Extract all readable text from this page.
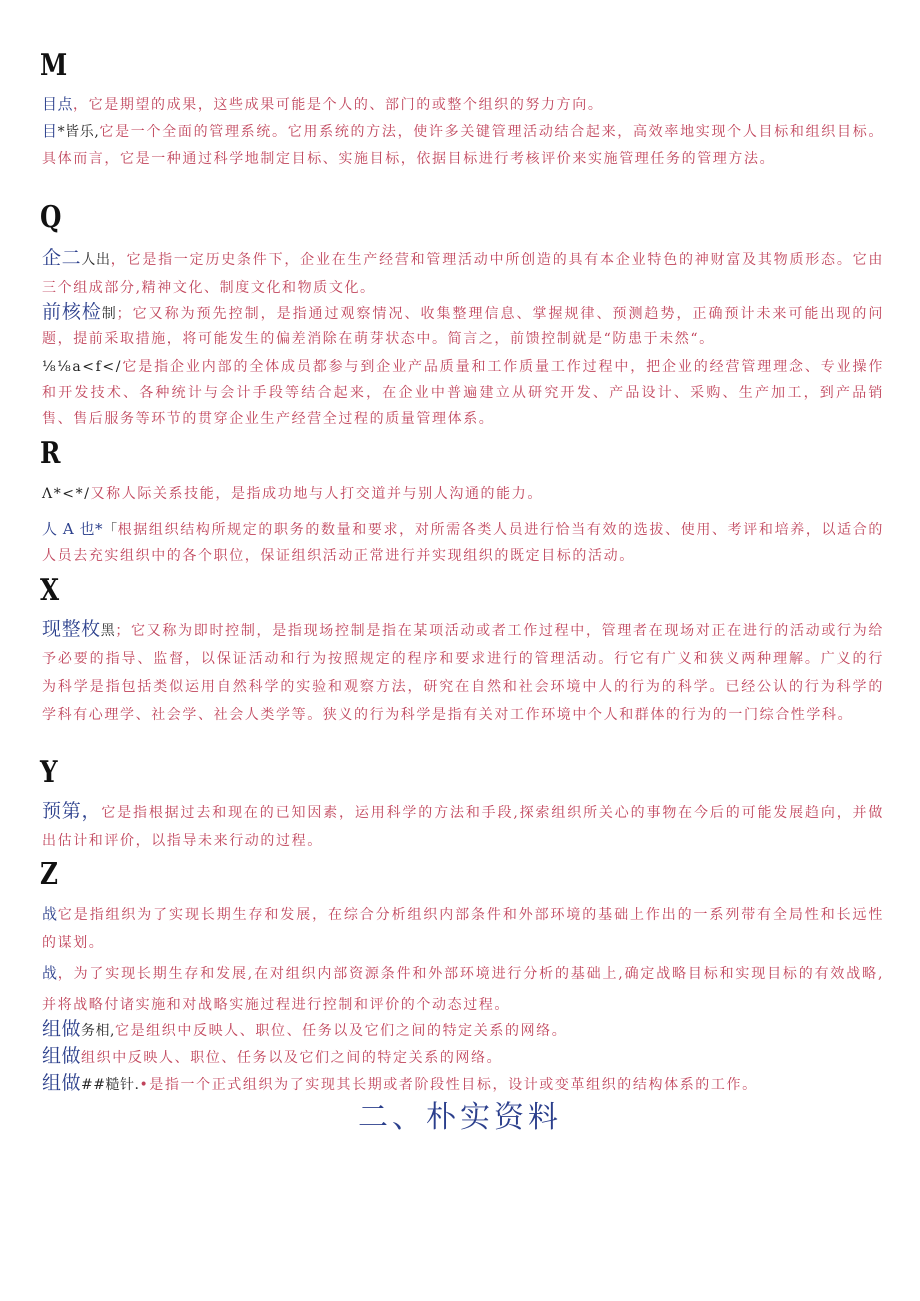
M
目点，它是期望的成果，这些成果可能是个人的、部门的或整个组织的努力方向。
目*皆乐,它是一个全面的管理系统。它用系统的方法，使许多关键管理活动结合起来，高效率地实现个人目标和组织目标。具体而言，它是一种通过科学地制定目标、实施目标，依据目标进行考核评价来实施管理任务的管理方法。
Q
企二人出，它是指一定历史条件下，企业在生产经营和管理活动中所创造的具有本企业特色的神财富及其物质形态。它由三个组成部分,精神文化、制度文化和物质文化。
前核检制；它又称为预先控制，是指通过观察情况、收集整理信息、掌握规律、预测趋势，正确预计未来可能出现的问题，提前采取措施，将可能发生的偏差消除在萌芽状态中。简言之，前馈控制就是“防患于未然“。
⅛⅛a<f</它是指企业内部的全体成员都参与到企业产品质量和工作质量工作过程中，把企业的经营管理理念、专业操作和开发技术、各种统计与会计手段等结合起来，在企业中普遍建立从研究开发、产品设计、采购、生产加工，到产品销售、售后服务等环节的贯穿企业生产经营全过程的质量管理体系。
R
Λ*<*/又称人际关系技能，是指成功地与人打交道并与别人沟通的能力。
人 A 也*「根据组织结构所规定的职务的数量和要求，对所需各类人员进行恰当有效的选拔、使用、考评和培养，以适合的人员去充实组织中的各个职位，保证组织活动正常进行并实现组织的既定目标的活动。
X
现整枚黑；它又称为即时控制，是指现场控制是指在某项活动或者工作过程中，管理者在现场对正在进行的活动或行为给予必要的指导、监督，以保证活动和行为按照规定的程序和要求进行的管理活动。行它有广义和狭义两种理解。广义的行为科学是指包括类似运用自然科学的实验和观察方法，研究在自然和社会环境中人的行为的科学。已经公认的行为科学的学科有心理学、社会学、社会人类学等。狭义的行为科学是指有关对工作环境中个人和群体的行为的一门综合性学科。
Y
预第，它是指根据过去和现在的已知因素，运用科学的方法和手段,探索组织所关心的事物在今后的可能发展趋向，并做出估计和评价，以指导未来行动的过程。
Z
战它是指组织为了实现长期生存和发展，在综合分析组织内部条件和外部环境的基础上作出的一系列带有全局性和长远性的谋划。
战，为了实现长期生存和发展,在对组织内部资源条件和外部环境进行分析的基础上,确定战略目标和实现目标的有效战略,并将战略付诸实施和对战略实施过程进行控制和评价的个动态过程。
组做务相,它是组织中反映人、职位、任务以及它们之间的特定关系的网络。
组做组织中反映人、职位、任务以及它们之间的特定关系的网络。
组做##糙针.•是指一个正式组织为了实现其长期或者阶段性目标，设计或变革组织的结构体系的工作。
二、朴实资料
